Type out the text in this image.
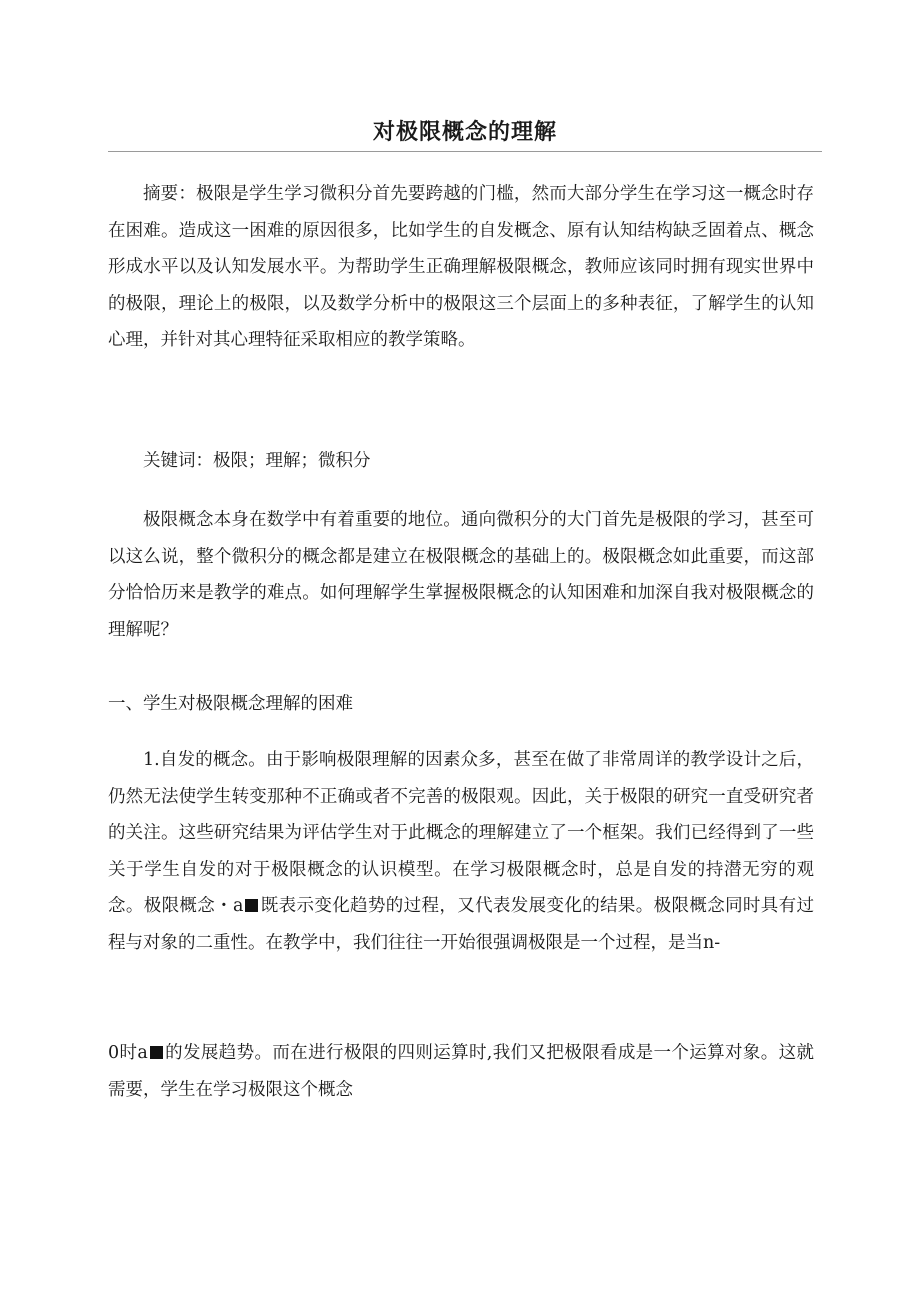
对极限概念的理解

摘要：极限是学生学习微积分首先要跨越的门槛，然而大部分学生在学习这一概念时存在困难。造成这一困难的原因很多，比如学生的自发概念、原有认知结构缺乏固着点、概念形成水平以及认知发展水平。为帮助学生正确理解极限概念，教师应该同时拥有现实世界中的极限，理论上的极限，以及数学分析中的极限这三个层面上的多种表征，了解学生的认知心理，并针对其心理特征采取相应的教学策略。

关键词：极限；理解；微积分

极限概念本身在数学中有着重要的地位。通向微积分的大门首先是极限的学习，甚至可以这么说，整个微积分的概念都是建立在极限概念的基础上的。极限概念如此重要，而这部分恰恰历来是教学的难点。如何理解学生掌握极限概念的认知困难和加深自我对极限概念的理解呢？

一、学生对极限概念理解的困难

1.自发的概念。由于影响极限理解的因素众多，甚至在做了非常周详的教学设计之后，仍然无法使学生转变那种不正确或者不完善的极限观。因此，关于极限的研究一直受研究者的关注。这些研究结果为评估学生对于此概念的理解建立了一个框架。我们已经得到了一些关于学生自发的对于极限概念的认识模型。在学习极限概念时，总是自发的持潜无穷的观念。极限概念・a 既表示变化趋势的过程，又代表发展变化的结果。极限概念同时具有过程与对象的二重性。在教学中，我们往往一开始很强调极限是一个过程，是当n-

0时a 的发展趋势。而在进行极限的四则运算时,我们又把极限看成是一个运算对象。这就需要，学生在学习极限这个概念
